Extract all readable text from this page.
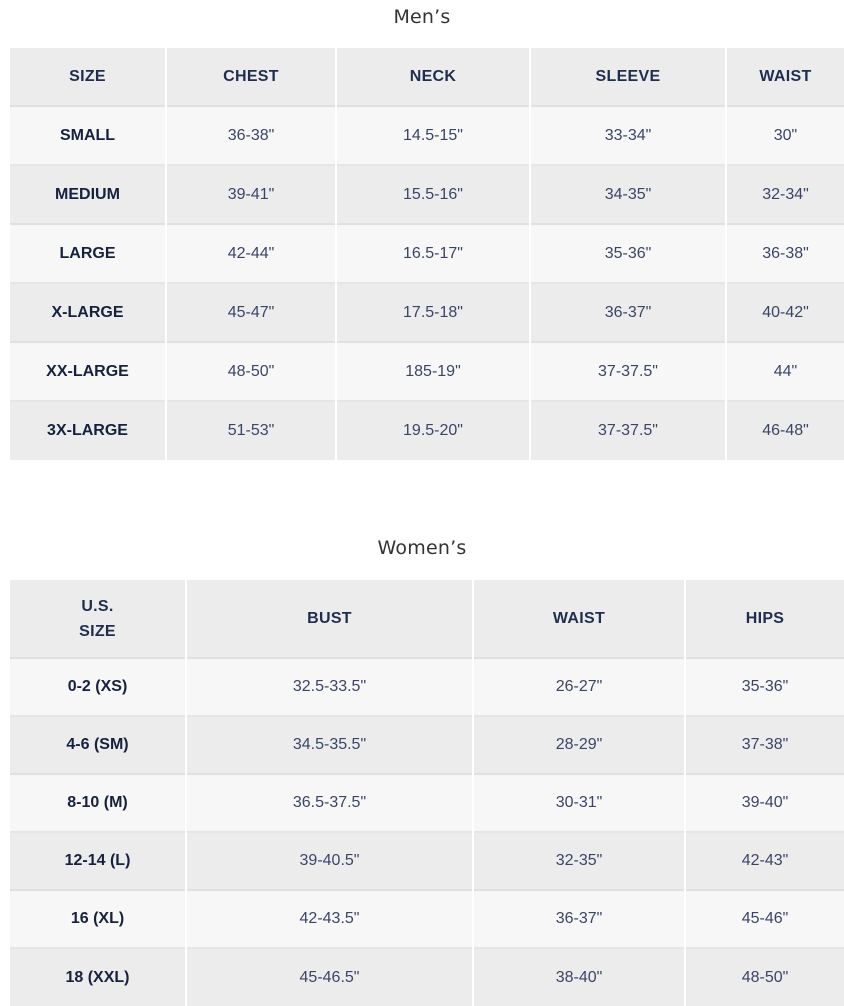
Men’s
SIZE	CHEST	NECK	SLEEVE	WAIST
SMALL	36-38"	14.5-15"	33-34"	30"
MEDIUM	39-41"	15.5-16"	34-35"	32-34"
LARGE	42-44"	16.5-17"	35-36"	36-38"
X-LARGE	45-47"	17.5-18"	36-37"	40-42"
XX-LARGE	48-50"	185-19"	37-37.5"	44"
3X-LARGE	51-53"	19.5-20"	37-37.5"	46-48"
Women’s
U.S.
SIZE	BUST	WAIST	HIPS
0-2 (XS)	32.5-33.5"	26-27"	35-36"
4-6 (SM)	34.5-35.5"	28-29"	37-38"
8-10 (M)	36.5-37.5"	30-31"	39-40"
12-14 (L)	39-40.5"	32-35"	42-43"
16 (XL)	42-43.5"	36-37"	45-46"
18 (XXL)	45-46.5"	38-40"	48-50"
